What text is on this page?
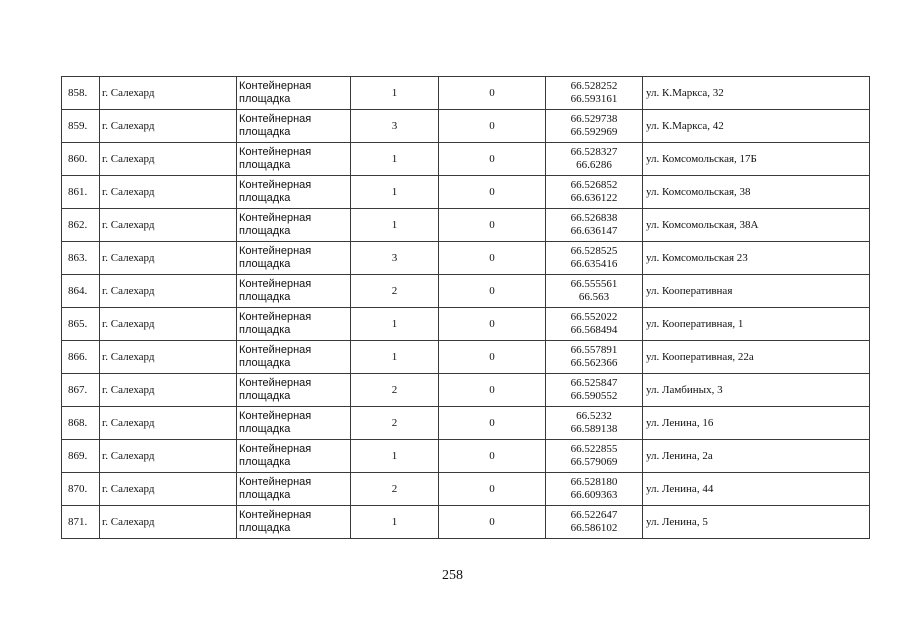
858.	г. Салехард	Контейнерная
площадка	1	0	66.528252
66.593161	ул. К.Маркса, 32
859.	г. Салехард	Контейнерная
площадка	3	0	66.529738
66.592969	ул. К.Маркса, 42
860.	г. Салехард	Контейнерная
площадка	1	0	66.528327
66.6286	ул. Комсомольская, 17Б
861.	г. Салехард	Контейнерная
площадка	1	0	66.526852
66.636122	ул. Комсомольская, 38
862.	г. Салехард	Контейнерная
площадка	1	0	66.526838
66.636147	ул. Комсомольская, 38А
863.	г. Салехард	Контейнерная
площадка	3	0	66.528525
66.635416	ул. Комсомольская 23
864.	г. Салехард	Контейнерная
площадка	2	0	66.555561
66.563	ул. Кооперативная
865.	г. Салехард	Контейнерная
площадка	1	0	66.552022
66.568494	ул. Кооперативная, 1
866.	г. Салехард	Контейнерная
площадка	1	0	66.557891
66.562366	ул. Кооперативная, 22а
867.	г. Салехард	Контейнерная
площадка	2	0	66.525847
66.590552	ул. Ламбиных, 3
868.	г. Салехард	Контейнерная
площадка	2	0	66.5232
66.589138	ул. Ленина, 16
869.	г. Салехард	Контейнерная
площадка	1	0	66.522855
66.579069	ул. Ленина, 2а
870.	г. Салехард	Контейнерная
площадка	2	0	66.528180
66.609363	ул. Ленина, 44
871.	г. Салехард	Контейнерная
площадка	1	0	66.522647
66.586102	ул. Ленина, 5
258
